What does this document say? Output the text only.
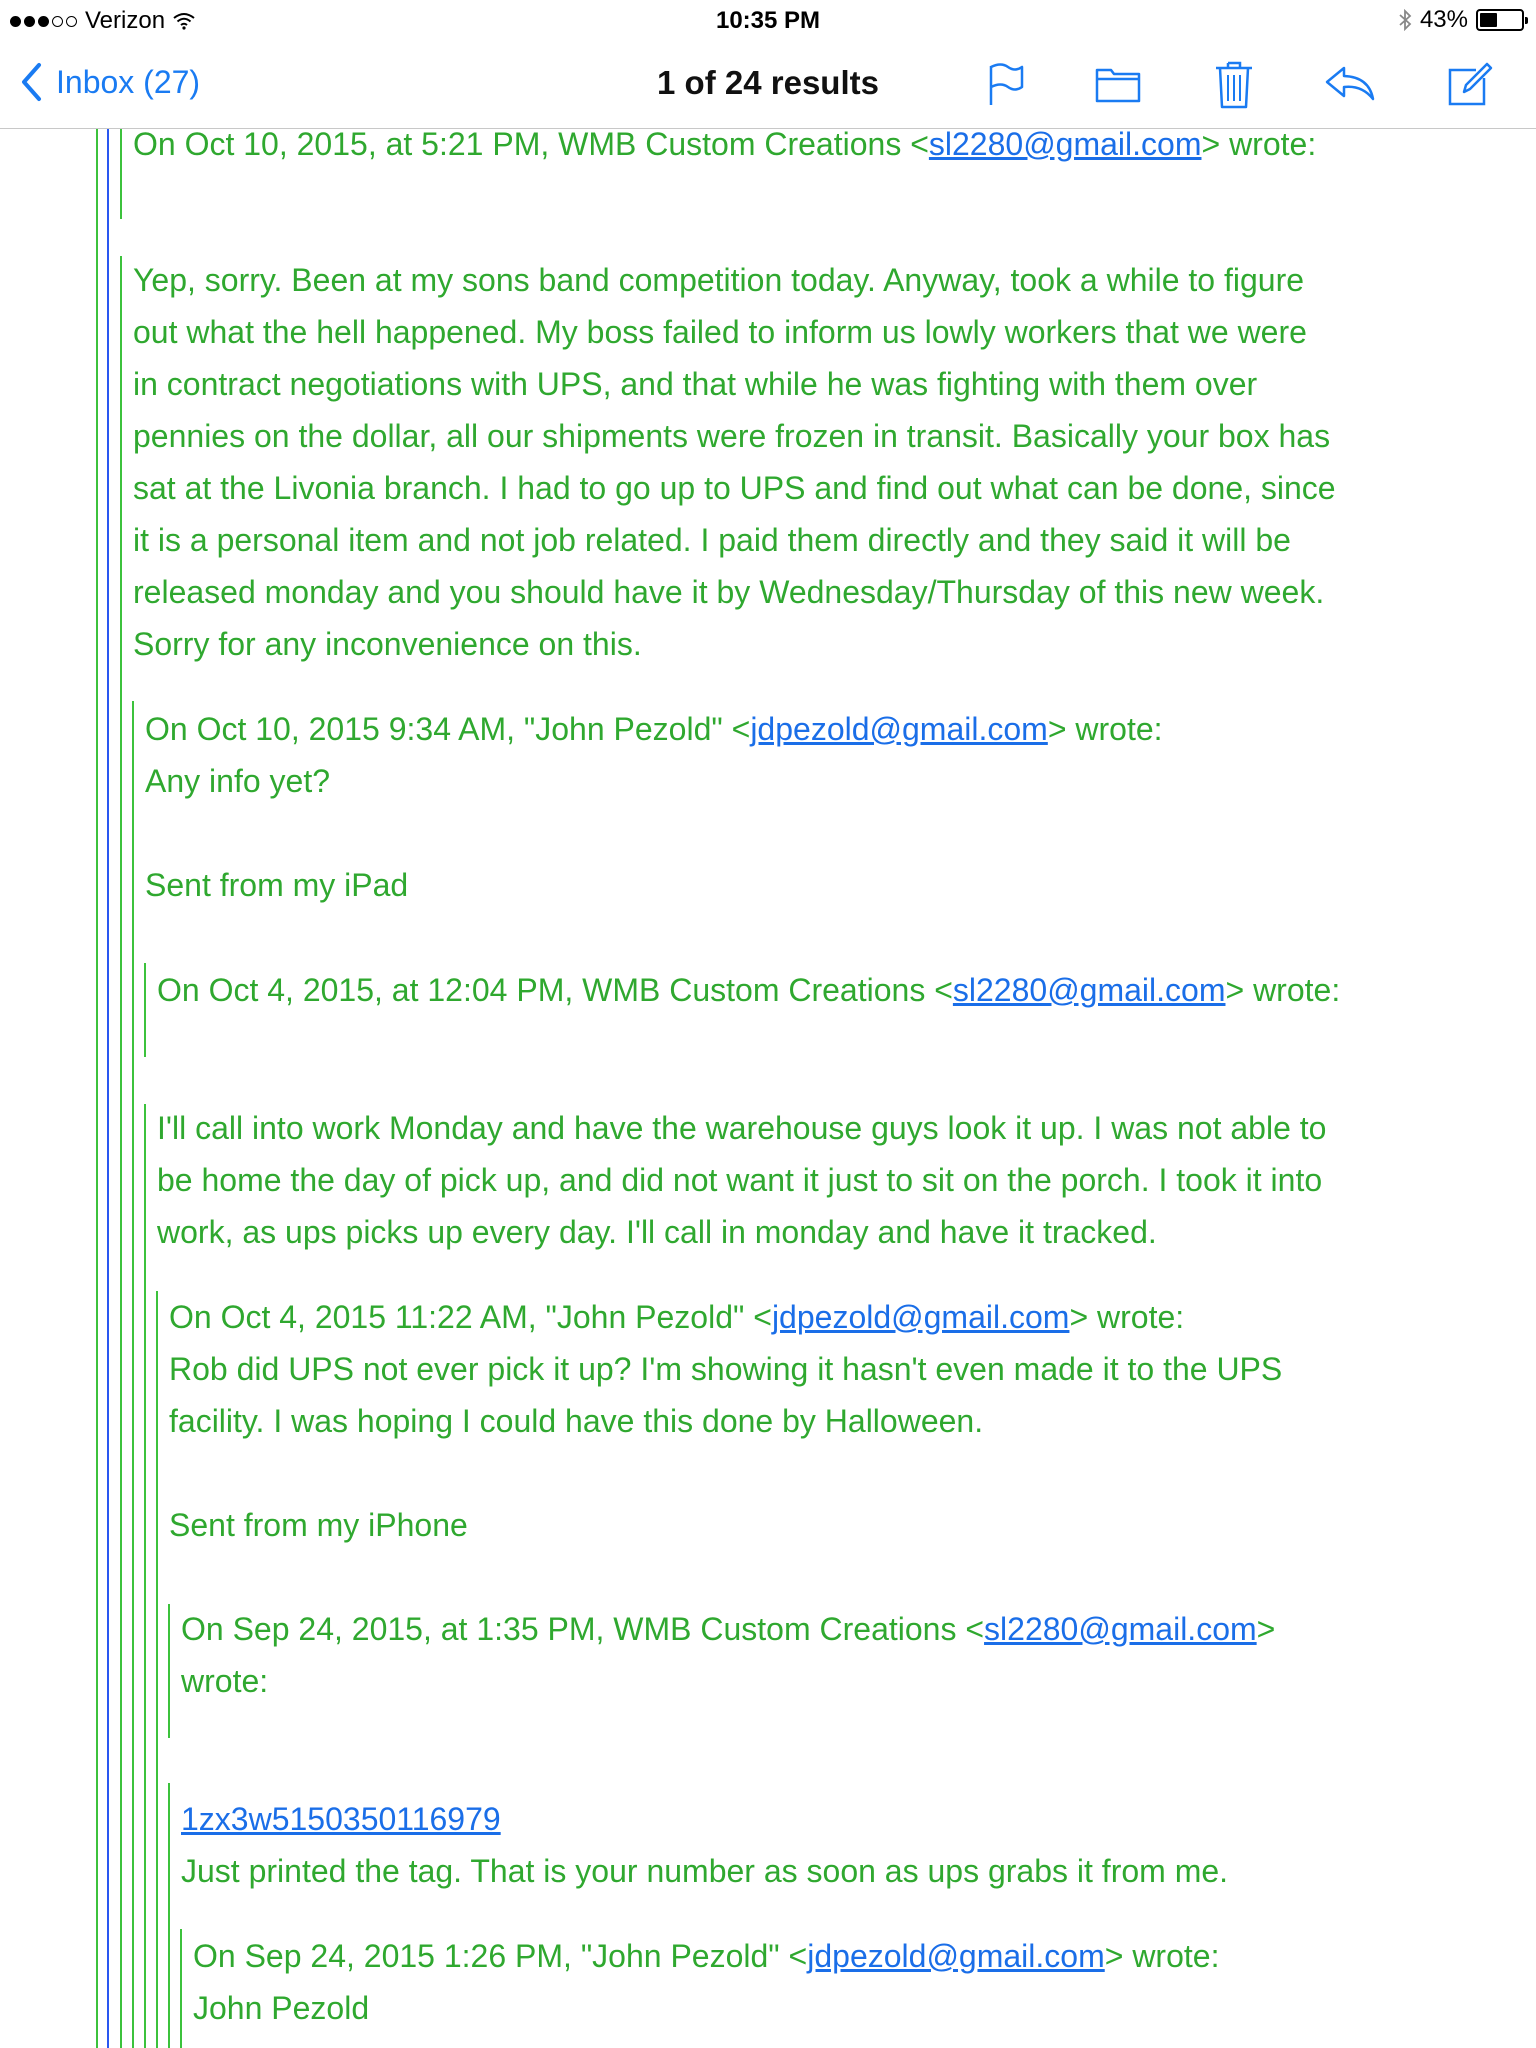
Verizon	10:35 PM	43%
Inbox (27)	1 of 24 results
On Oct 10, 2015, at 5:21 PM, WMB Custom Creations <sl2280@gmail.com> wrote:
Yep, sorry. Been at my sons band competition today. Anyway, took a while to figure
out what the hell happened. My boss failed to inform us lowly workers that we were
in contract negotiations with UPS, and that while he was fighting with them over
pennies on the dollar, all our shipments were frozen in transit. Basically your box has
sat at the Livonia branch. I had to go up to UPS and find out what can be done, since
it is a personal item and not job related. I paid them directly and they said it will be
released monday and you should have it by Wednesday/Thursday of this new week.
Sorry for any inconvenience on this.
On Oct 10, 2015 9:34 AM, "John Pezold" <jdpezold@gmail.com> wrote:
Any info yet?
Sent from my iPad
On Oct 4, 2015, at 12:04 PM, WMB Custom Creations <sl2280@gmail.com> wrote:
I'll call into work Monday and have the warehouse guys look it up. I was not able to
be home the day of pick up, and did not want it just to sit on the porch. I took it into
work, as ups picks up every day. I'll call in monday and have it tracked.
On Oct 4, 2015 11:22 AM, "John Pezold" <jdpezold@gmail.com> wrote:
Rob did UPS not ever pick it up? I'm showing it hasn't even made it to the UPS
facility. I was hoping I could have this done by Halloween.
Sent from my iPhone
On Sep 24, 2015, at 1:35 PM, WMB Custom Creations <sl2280@gmail.com>
wrote:
1zx3w5150350116979
Just printed the tag. That is your number as soon as ups grabs it from me.
On Sep 24, 2015 1:26 PM, "John Pezold" <jdpezold@gmail.com> wrote:
John Pezold
